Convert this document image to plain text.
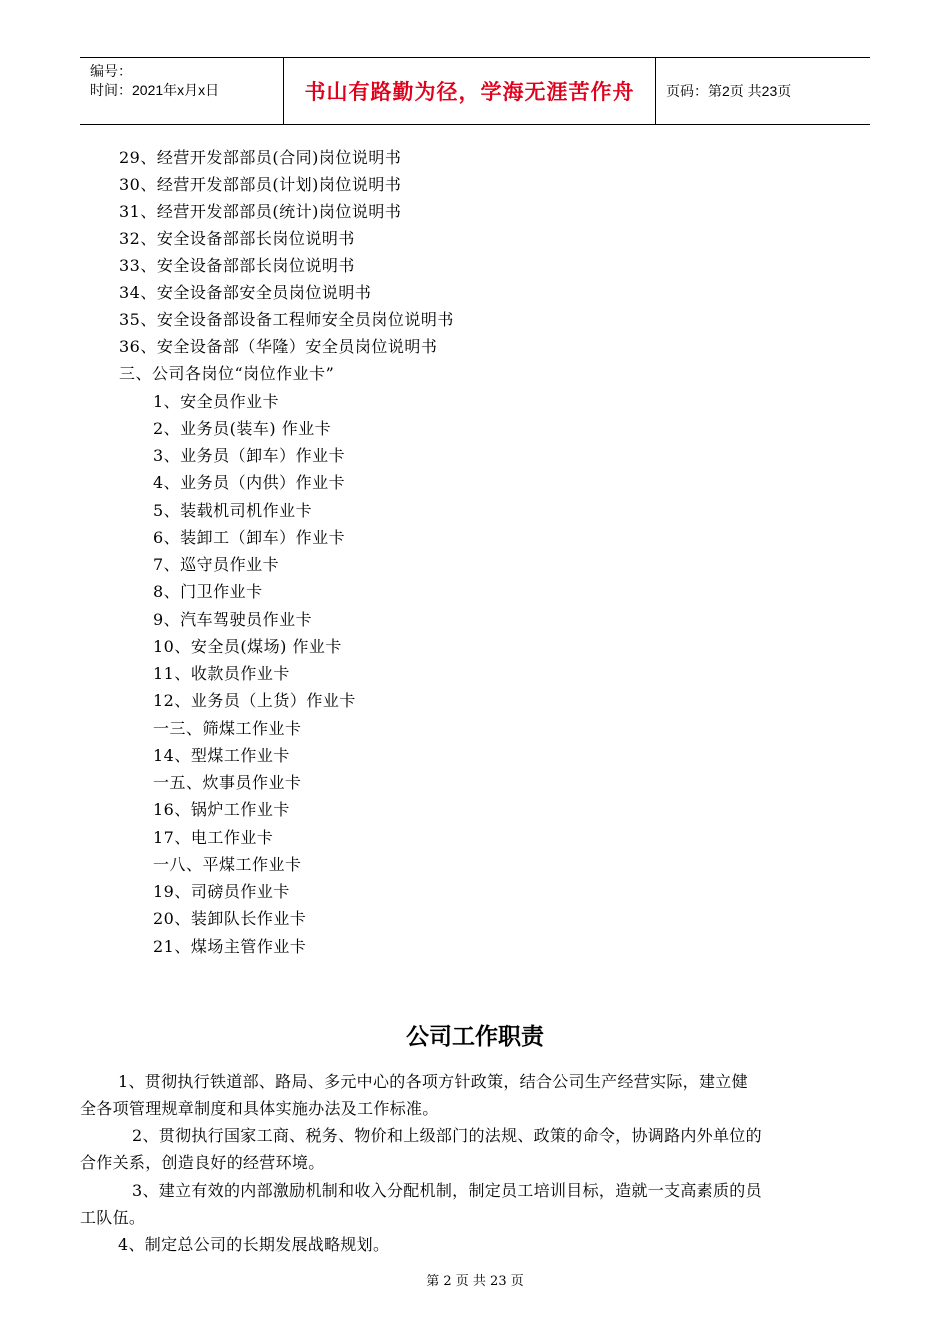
编号：
时间：2021年x月x日	书山有路勤为径，学海无涯苦作舟	页码：第2页 共23页
29、经营开发部部员(合同)岗位说明书
30、经营开发部部员(计划)岗位说明书
31、经营开发部部员(统计)岗位说明书
32、安全设备部部长岗位说明书
33、安全设备部部长岗位说明书
34、安全设备部安全员岗位说明书
35、安全设备部设备工程师安全员岗位说明书
36、安全设备部（华隆）安全员岗位说明书
三、公司各岗位“岗位作业卡”
1、安全员作业卡
2、业务员(装车) 作业卡
3、业务员（卸车）作业卡
4、业务员（内供）作业卡
5、装载机司机作业卡
6、装卸工（卸车）作业卡
7、巡守员作业卡
8、门卫作业卡
9、汽车驾驶员作业卡
10、安全员(煤场) 作业卡
11、收款员作业卡
12、业务员（上货）作业卡
一三、筛煤工作业卡
14、型煤工作业卡
一五、炊事员作业卡
16、锅炉工作业卡
17、电工作业卡
一八、平煤工作业卡
19、司磅员作业卡
20、装卸队长作业卡
21、煤场主管作业卡
公司工作职责
1、贯彻执行铁道部、路局、多元中心的各项方针政策，结合公司生产经营实际，建立健
全各项管理规章制度和具体实施办法及工作标准。
2、贯彻执行国家工商、税务、物价和上级部门的法规、政策的命令，协调路内外单位的
合作关系，创造良好的经营环境。
3、建立有效的内部激励机制和收入分配机制，制定员工培训目标，造就一支高素质的员
工队伍。
4、制定总公司的长期发展战略规划。
第 2 页 共 23 页
